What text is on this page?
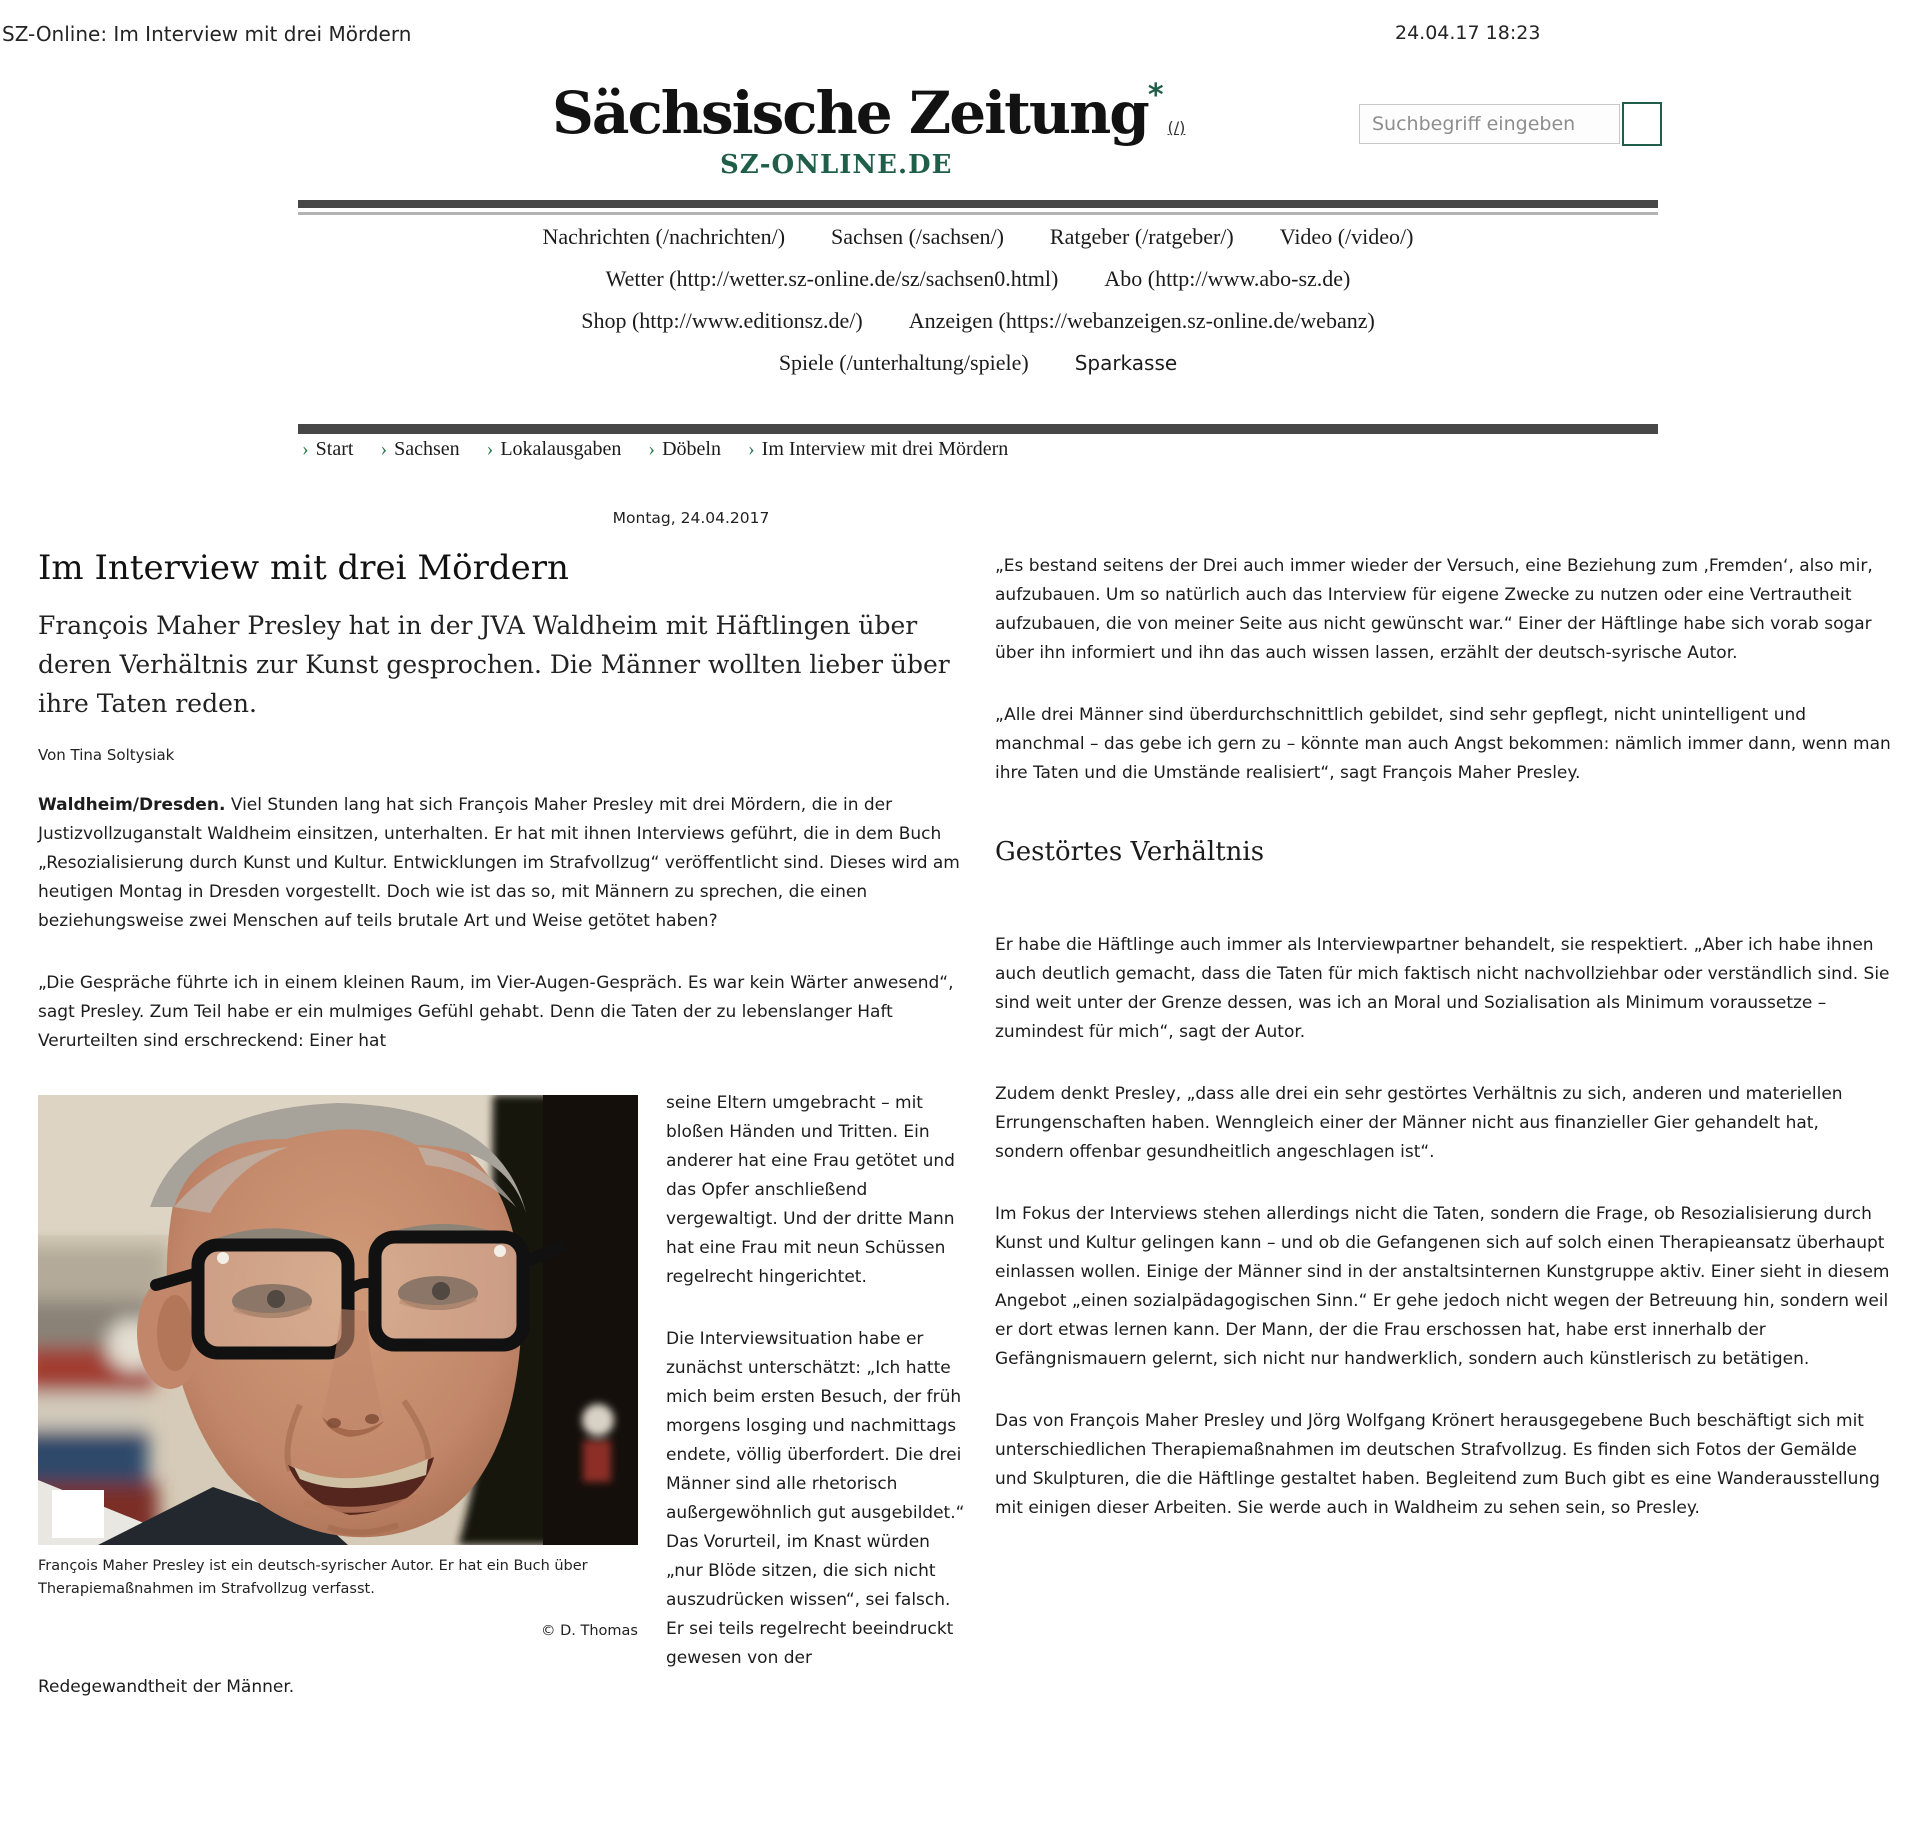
SZ-Online: Im Interview mit drei Mördern	24.04.17 18:23
Sächsische Zeitung*(/)
SZ-ONLINE.DE
Suchbegriff eingeben
Nachrichten (/nachrichten/) Sachsen (/sachsen/) Ratgeber (/ratgeber/) Video (/video/)
Wetter (http://wetter.sz-online.de/sz/sachsen0.html) Abo (http://www.abo-sz.de)
Shop (http://www.editionsz.de/) Anzeigen (https://webanzeigen.sz-online.de/webanz)
Spiele (/unterhaltung/spiele) Sparkasse
› Start › Sachsen › Lokalausgaben › Döbeln › Im Interview mit drei Mördern
Montag, 24.04.2017
Im Interview mit drei Mördern
François Maher Presley hat in der JVA Waldheim mit Häftlingen über deren Verhältnis zur Kunst gesprochen. Die Männer wollten lieber über ihre Taten reden.
Von Tina Soltysiak

Waldheim/Dresden. Viel Stunden lang hat sich François Maher Presley mit drei Mördern, die in der Justizvollzuganstalt Waldheim einsitzen, unterhalten. Er hat mit ihnen Interviews geführt, die in dem Buch „Resozialisierung durch Kunst und Kultur. Entwicklungen im Strafvollzug“ veröffentlicht sind. Dieses wird am heutigen Montag in Dresden vorgestellt. Doch wie ist das so, mit Männern zu sprechen, die einen beziehungsweise zwei Menschen auf teils brutale Art und Weise getötet haben?

„Die Gespräche führte ich in einem kleinen Raum, im Vier-Augen-Gespräch. Es war kein Wärter anwesend“, sagt Presley. Zum Teil habe er ein mulmiges Gefühl gehabt. Denn die Taten der zu lebenslanger Haft Verurteilten sind erschreckend: Einer hat

François Maher Presley ist ein deutsch-syrischer Autor. Er hat ein Buch über Therapiemaßnahmen im Strafvollzug verfasst.
© D. Thomas

seine Eltern umgebracht – mit bloßen Händen und Tritten. Ein anderer hat eine Frau getötet und das Opfer anschließend vergewaltigt. Und der dritte Mann hat eine Frau mit neun Schüssen regelrecht hingerichtet.

Die Interviewsituation habe er zunächst unterschätzt: „Ich hatte mich beim ersten Besuch, der früh morgens losging und nachmittags endete, völlig überfordert. Die drei Männer sind alle rhetorisch außergewöhnlich gut ausgebildet.“ Das Vorurteil, im Knast würden „nur Blöde sitzen, die sich nicht auszudrücken wissen“, sei falsch. Er sei teils regelrecht beeindruckt gewesen von der Redegewandtheit der Männer.

„Es bestand seitens der Drei auch immer wieder der Versuch, eine Beziehung zum ‚Fremden‘, also mir, aufzubauen. Um so natürlich auch das Interview für eigene Zwecke zu nutzen oder eine Vertrautheit aufzubauen, die von meiner Seite aus nicht gewünscht war.“ Einer der Häftlinge habe sich vorab sogar über ihn informiert und ihn das auch wissen lassen, erzählt der deutsch-syrische Autor.

„Alle drei Männer sind überdurchschnittlich gebildet, sind sehr gepflegt, nicht unintelligent und manchmal – das gebe ich gern zu – könnte man auch Angst bekommen: nämlich immer dann, wenn man ihre Taten und die Umstände realisiert“, sagt François Maher Presley.

Gestörtes Verhältnis

Er habe die Häftlinge auch immer als Interviewpartner behandelt, sie respektiert. „Aber ich habe ihnen auch deutlich gemacht, dass die Taten für mich faktisch nicht nachvollziehbar oder verständlich sind. Sie sind weit unter der Grenze dessen, was ich an Moral und Sozialisation als Minimum voraussetze – zumindest für mich“, sagt der Autor.

Zudem denkt Presley, „dass alle drei ein sehr gestörtes Verhältnis zu sich, anderen und materiellen Errungenschaften haben. Wenngleich einer der Männer nicht aus finanzieller Gier gehandelt hat, sondern offenbar gesundheitlich angeschlagen ist“.

Im Fokus der Interviews stehen allerdings nicht die Taten, sondern die Frage, ob Resozialisierung durch Kunst und Kultur gelingen kann – und ob die Gefangenen sich auf solch einen Therapieansatz überhaupt einlassen wollen. Einige der Männer sind in der anstaltsinternen Kunstgruppe aktiv. Einer sieht in diesem Angebot „einen sozialpädagogischen Sinn.“ Er gehe jedoch nicht wegen der Betreuung hin, sondern weil er dort etwas lernen kann. Der Mann, der die Frau erschossen hat, habe erst innerhalb der Gefängnismauern gelernt, sich nicht nur handwerklich, sondern auch künstlerisch zu betätigen.

Das von François Maher Presley und Jörg Wolfgang Krönert herausgegebene Buch beschäftigt sich mit unterschiedlichen Therapiemaßnahmen im deutschen Strafvollzug. Es finden sich Fotos der Gemälde und Skulpturen, die die Häftlinge gestaltet haben. Begleitend zum Buch gibt es eine Wanderausstellung mit einigen dieser Arbeiten. Sie werde auch in Waldheim zu sehen sein, so Presley.
